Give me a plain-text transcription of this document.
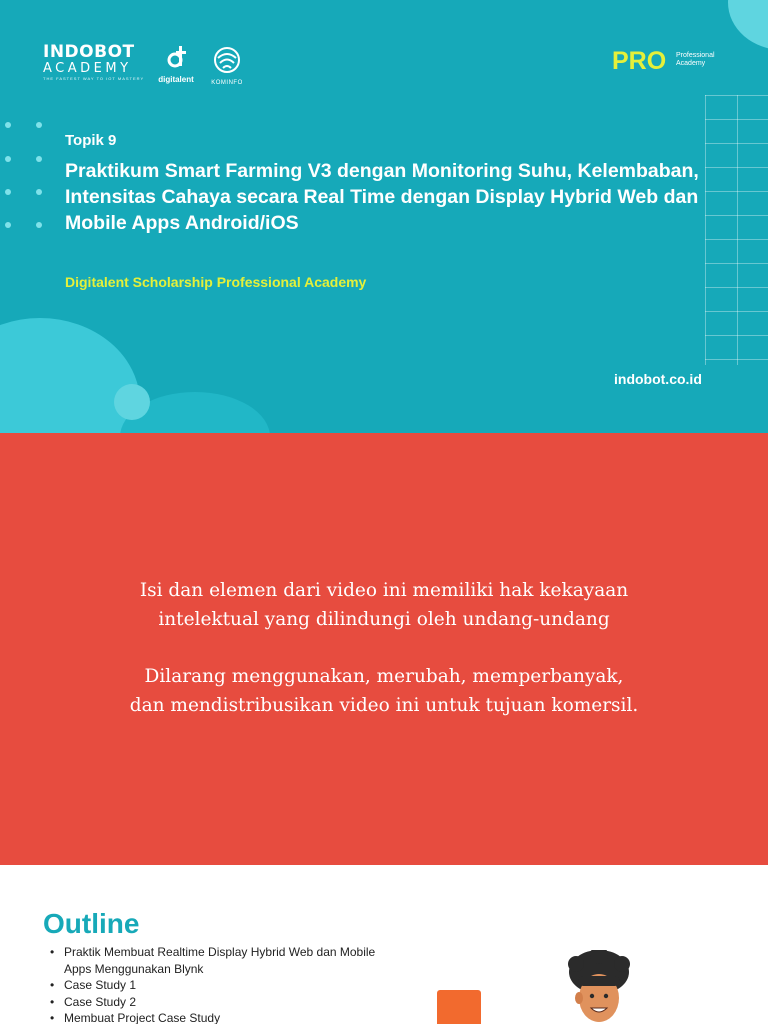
INDOBOT
ACADEMY
THE FASTEST WAY TO IOT MASTERY	digitalent	KOMINFO
PRO Professional
Academy
Topik 9
Praktikum Smart Farming V3 dengan Monitoring Suhu, Kelembaban, Intensitas Cahaya secara Real Time dengan Display Hybrid Web dan Mobile Apps Android/iOS
Digitalent Scholarship Professional Academy
indobot.co.id
Isi dan elemen dari video ini memiliki hak kekayaan
intelektual yang dilindungi oleh undang-undang
Dilarang menggunakan, merubah, memperbanyak,
dan mendistribusikan video ini untuk tujuan komersil.
Outline
• Praktik Membuat Realtime Display Hybrid Web dan Mobile Apps Menggunakan Blynk
• Case Study 1
• Case Study 2
• Membuat Project Case Study
